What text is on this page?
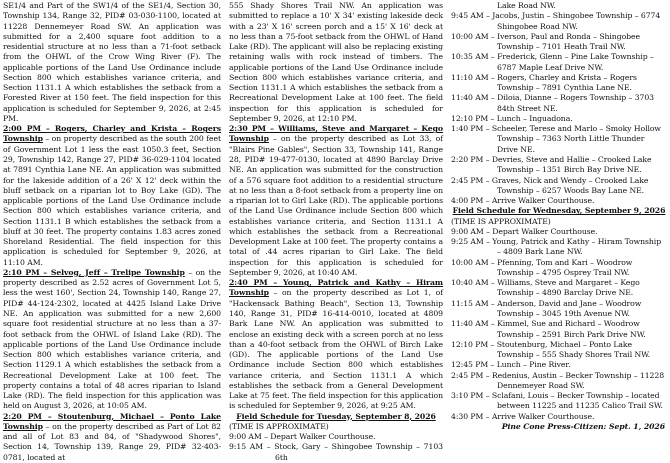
SE1/4 and Part of the SW1/4 of the SE1/4, Section 30, Township 134, Range 32, PID# 03-030-1100, located at 11228 Dennemeyer Road SW. An application was submitted for a 2,400 square foot addition to a residential structure at no less than a 71-foot setback from the OHWL of the Crow Wing River (F). The applicable portions of the Land Use Ordinance include Section 800 which establishes variance criteria, and Section 1131.1 A which establishes the setback from a Forested River at 150 feet. The field inspection for this application is scheduled for September 9, 2026, at 2:45 PM.

2:00 PM – Rogers, Charley and Krista – Rogers Township – on property described as the south 200 feet of Government Lot 1 less the east 1050.3 feet, Section 29, Township 142, Range 27, PID# 36-029-1104 located at 7891 Cynthia Lane NE. An application was submitted for the lakeside addition of a 26' X 12' deck within the bluff setback on a riparian lot to Boy Lake (GD). The applicable portions of the Land Use Ordinance include Section 800 which establishes variance criteria, and Section 1131.1 B which establishes the setback from a bluff at 30 feet. The property contains 1.83 acres zoned Shoreland Residential. The field inspection for this application is scheduled for September 9, 2026, at 11:10 AM.

2:10 PM – Selvog, Jeff – Trelipe Township – on the property described as 2.52 acres of Government Lot 5, less the west 160', Section 24, Township 140, Range 27, PID# 44-124-2302, located at 4425 Island Lake Drive NE. An application was submitted for a new 2,600 square foot residential structure at no less than a 37-foot setback from the OHWL of Island Lake (RD). The applicable portions of the Land Use Ordinance include Section 800 which establishes variance criteria, and Section 1129.1 A which establishes the setback from a Recreational Development Lake at 100 feet. The property contains a total of 48 acres riparian to Island Lake (RD). The field inspection for this application was held on August 3, 2026, at 10:05 AM.

2:20 PM – Stoutenburg, Michael – Ponto Lake Township – on the property described as Part of Lot 82 and all of Lot 83 and 84, of "Shadywood Shores", Section 14, Township 139, Range 29, PID# 32-403-0781, located at

555 Shady Shores Trail NW. An application was submitted to replace a 10' X 34' existing lakeside deck with a 23' X 16' screen porch and a 15' X 16' deck at no less than a 75-foot setback from the OHWL of Hand Lake (RD). The applicant will also be replacing existing retaining walls with rock instead of timbers. The applicable portions of the Land Use Ordinance include Section 800 which establishes variance criteria, and Section 1131.1 A which establishes the setback from a Recreational Development Lake at 100 feet. The field inspection for this application is scheduled for September 9, 2026, at 12:10 PM.

2:30 PM – Williams, Steve and Margaret – Kego Township – on the property described as Lot 33, of "Blairs Pine Gables", Section 33, Township 141, Range 28, PID# 19-477-0130, located at 4890 Barclay Drive NE. An application was submitted for the construction of a 576 square foot addition to a residential structure at no less than a 8-foot setback from a property line on a riparian lot to Girl Lake (RD). The applicable portions of the Land Use Ordinance include Section 800 which establishes variance criteria, and Section 1131.1 A which establishes the setback from a Recreational Development Lake at 100 feet. The property contains a total of .44 acres riparian to Girl Lake. The field inspection for this application is scheduled for September 9, 2026, at 10:40 AM.

2:40 PM – Young, Patrick and Kathy – Hiram Township – on the property described as Lot 1, of "Hackensack Bathing Beach", Section 13, Township 140, Range 31, PID# 16-414-0010, located at 4809 Bark Lane NW. An application was submitted to enclose an existing deck with a screen porch at no less than a 40-foot setback from the OHWL of Birch Lake (GD). The applicable portions of the Land Use Ordinance include Section 800 which establishes variance criteria, and Section 1131.1 A which establishes the setback from a General Development Lake at 75 feet. The field inspection for this application is scheduled for September 9, 2026, at 9:25 AM.

Field Schedule for Tuesday, September 8, 2026

(TIME IS APPROXIMATE)

9:00 AM – Depart Walker Courthouse.

9:15 AM – Stock, Gary – Shingobee Township – 7103 6th

Lake Road NW.

9:45 AM – Jacobs, Justin – Shingobee Township – 6774 Shingobee Road NW.

10:00 AM – Iverson, Paul and Ronda – Shingobee Township – 7101 Heath Trail NW.

10:35 AM – Frederick, Glenn – Pine Lake Township – 6787 Maple Leaf Drive NW.

11:10 AM – Rogers, Charley and Krista – Rogers Township – 7891 Cynthia Lane NE.

11:40 AM – Diloia, Dianne – Rogers Township – 3703 84th Street NE.

12:10 PM – Lunch – Inguadona.

1:40 PM – Scheeler, Terese and Marlo – Smoky Hollow Township – 7363 North Little Thunder Drive NE.

2:20 PM – Devries, Steve and Hallie – Crooked Lake Township – 1351 Birch Bay Drive NE.

2:45 PM – Graves, Nick and Wendy – Crooked Lake Township – 6257 Woods Bay Lane NE.

4:00 PM – Arrive Walker Courthouse.

Field Schedule for Wednesday, September 9, 2026

(TIME IS APPROXIMATE)

9:00 AM – Depart Walker Courthouse.

9:25 AM – Young, Patrick and Kathy – Hiram Township – 4809 Bark Lane NW.

10:00 AM – Pfenning, Tom and Kari – Woodrow Township – 4795 Osprey Trail NW.

10:40 AM – Williams, Steve and Margaret – Kego Township – 4890 Barclay Drive NE.

11:15 AM – Anderson, David and Jane – Woodrow Township – 3045 19th Avenue NW.

11:40 AM – Kimmel, Sue and Richard – Woodrow Township – 2591 Birch Park Drive NW.

12:10 PM – Stoutenburg, Michael – Ponto Lake Township – 555 Shady Shores Trail NW.

12:45 PM – Lunch – Pine River.

2:45 PM – Redenius, Austin – Becker Township – 11228 Dennemeyer Road SW.

3:10 PM – Sclafani, Louis – Becker Township – located between 11225 and 11235 Calico Trail SW.

4:30 PM – Arrive Walker Courthouse.

Pine Cone Press-Citizen: Sept. 1, 2026
